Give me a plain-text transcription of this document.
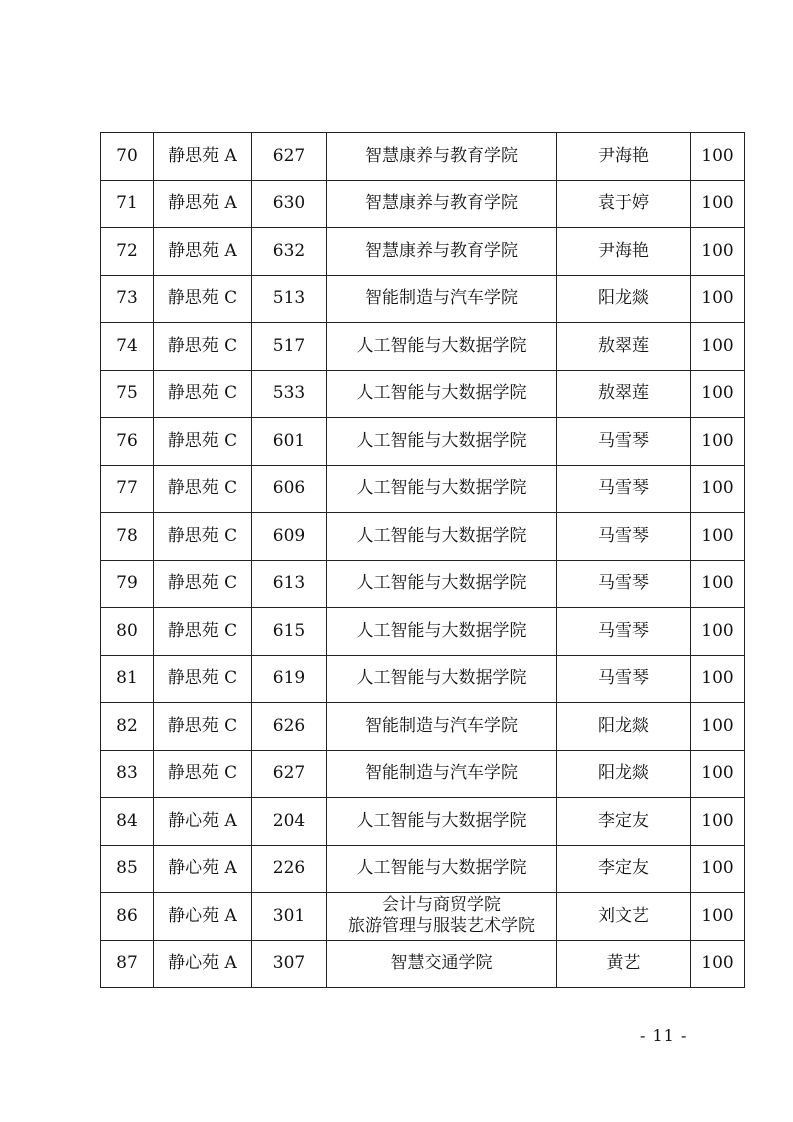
70	静思苑 A	627	智慧康养与教育学院	尹海艳	100
71	静思苑 A	630	智慧康养与教育学院	袁于婷	100
72	静思苑 A	632	智慧康养与教育学院	尹海艳	100
73	静思苑 C	513	智能制造与汽车学院	阳龙燚	100
74	静思苑 C	517	人工智能与大数据学院	敖翠莲	100
75	静思苑 C	533	人工智能与大数据学院	敖翠莲	100
76	静思苑 C	601	人工智能与大数据学院	马雪琴	100
77	静思苑 C	606	人工智能与大数据学院	马雪琴	100
78	静思苑 C	609	人工智能与大数据学院	马雪琴	100
79	静思苑 C	613	人工智能与大数据学院	马雪琴	100
80	静思苑 C	615	人工智能与大数据学院	马雪琴	100
81	静思苑 C	619	人工智能与大数据学院	马雪琴	100
82	静思苑 C	626	智能制造与汽车学院	阳龙燚	100
83	静思苑 C	627	智能制造与汽车学院	阳龙燚	100
84	静心苑 A	204	人工智能与大数据学院	李定友	100
85	静心苑 A	226	人工智能与大数据学院	李定友	100
86	静心苑 A	301	会计与商贸学院
旅游管理与服装艺术学院	刘文艺	100
87	静心苑 A	307	智慧交通学院	黄艺	100
- 11 -
